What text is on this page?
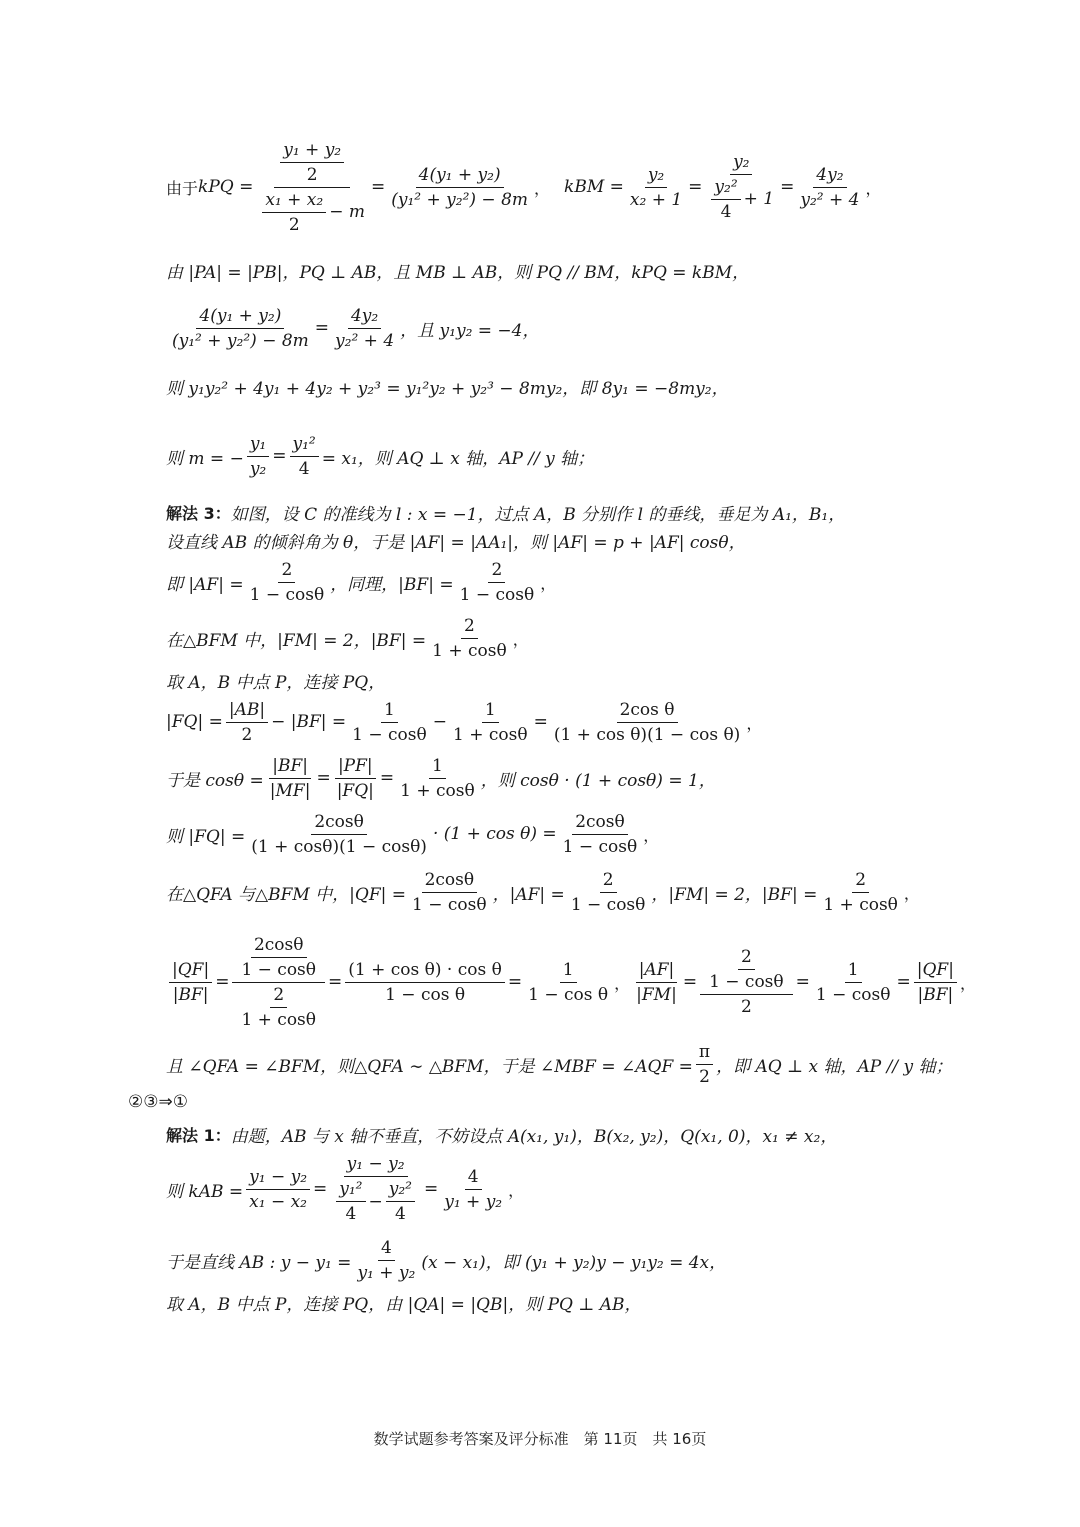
由于 kPQ = $\frac{\frac{\text{y₁ + y₂}}{2}}{\frac{\text{x₁ + x₂}}{2} - m} = \frac{\text{4(y₁ + y₂)}}{\text{(y₁² + y₂²) − 8m}}$ ， kBM = $\frac{\text{y₂}}{\text{x₂ + 1}} = \frac{\text{y₂}}{\frac{\text{y₂²}}{4} + 1} = \frac{\text{4y₂}}{\text{y₂² + 4}}$ ，
由 |PA| = |PB|，PQ ⊥ AB，且 MB ⊥ AB，则 PQ // BM，kPQ = kBM，
$\frac{\text{4(y₁ + y₂)}}{\text{(y₁² + y₂²) − 8m}} = \frac{\text{4y₂}}{\text{y₂² + 4}}$ ，且 y₁y₂ = −4，
则 y₁y₂² + 4y₁ + 4y₂ + y₂³ = y₁²y₂ + y₂³ − 8my₂，即 8y₁ = −8my₂，
则 m = − $\frac{\text{y₁}}{\text{y₂}} = \frac{\text{y₁²}}{4} = x_1$，则 AQ ⊥ x 轴，AP // y 轴；
解法 3： 如图，设 C 的准线为 l : x = −1，过点 A，B 分别作 l 的垂线，垂足为 A₁，B₁，
设直线 AB 的倾斜角为 θ，于是 |AF| = |AA₁|，则 |AF| = p + |AF| cosθ，
即 $|AF| = \frac{2}{1 - \cos\theta}$ ，同理，$|BF| = \frac{2}{1 - \cos\theta}$ ，
在△BFM 中，|FM| = 2，$|BF| = \frac{2}{1 + \cos\theta}$ ，
取 A，B 中点 P，连接 PQ，
$|FQ| = \frac{|AB|}{2} - |BF| = \frac{1}{1 - \cos\theta} - \frac{1}{1 + \cos\theta} = \frac{\text{2cos θ}}{\text{(1 + cos θ)(1 − cos θ)}}$ ，
于是 $\cos\theta = \frac{|BF|}{|MF|} = \frac{|PF|}{|FQ|} = \frac{1}{1 + \cos\theta}$ ，则 cosθ · (1 + cosθ) = 1，
则 $|FQ| = \frac{2\cos\theta}{(1 + \cos\theta)(1 - \cos\theta)} \cdot (1 + \cos \theta) = \frac{2\cos\theta}{1 - \cos\theta}$ ，
在△QFA 与△BFM 中，$|QF| = \frac{2\cos\theta}{1 - \cos\theta}$ ，$|AF| = \frac{2}{1 - \cos\theta}$ ，|FM| = 2，$|BF| = \frac{2}{1 + \cos\theta}$ ，
$\frac{|QF|}{|BF|} = \frac{\frac{2\cos\theta}{1 - \cos\theta}}{\frac{2}{1 + \cos\theta}} = \frac{\text{(1 + cos θ) · cos θ}}{\text{1 − cos θ}} = \frac{1}{\text{1 − cos θ}}$ ， $\frac{|AF|}{|FM|} = \frac{\frac{2}{1 - \cos\theta}}{2} = \frac{1}{1 - \cos\theta} = \frac{|QF|}{|BF|}$ ，
且 ∠QFA = ∠BFM，则△QFA ∼ △BFM，于是 ∠MBF = ∠AQF = $\frac{\pi}{2}$ ，即 AQ ⊥ x 轴，AP // y 轴；
②③⇒①
解法 1： 由题，AB 与 x 轴不垂直，不妨设点 A(x₁, y₁)，B(x₂, y₂)，Q(x₁, 0)，x₁ ≠ x₂，
则 kAB = $\frac{\text{y₁ − y₂}}{\text{x₁ − x₂}} = y_1 - y_2$
y₁²
4
− $\frac{\text{y₂²}}{4} = \frac{4}{\text{y₁ + y₂}}$ ，
于是直线 AB : $y - y_1 = \frac{4}{\text{y₁ + y₂}} (x - x_1)$，即 (y₁ + y₂)y − y₁y₂ = 4x，
取 A，B 中点 P，连接 PQ，由 |QA| = |QB|，则 PQ ⊥ AB，
数学试题参考答案及评分标准　第 11页　共 16页
